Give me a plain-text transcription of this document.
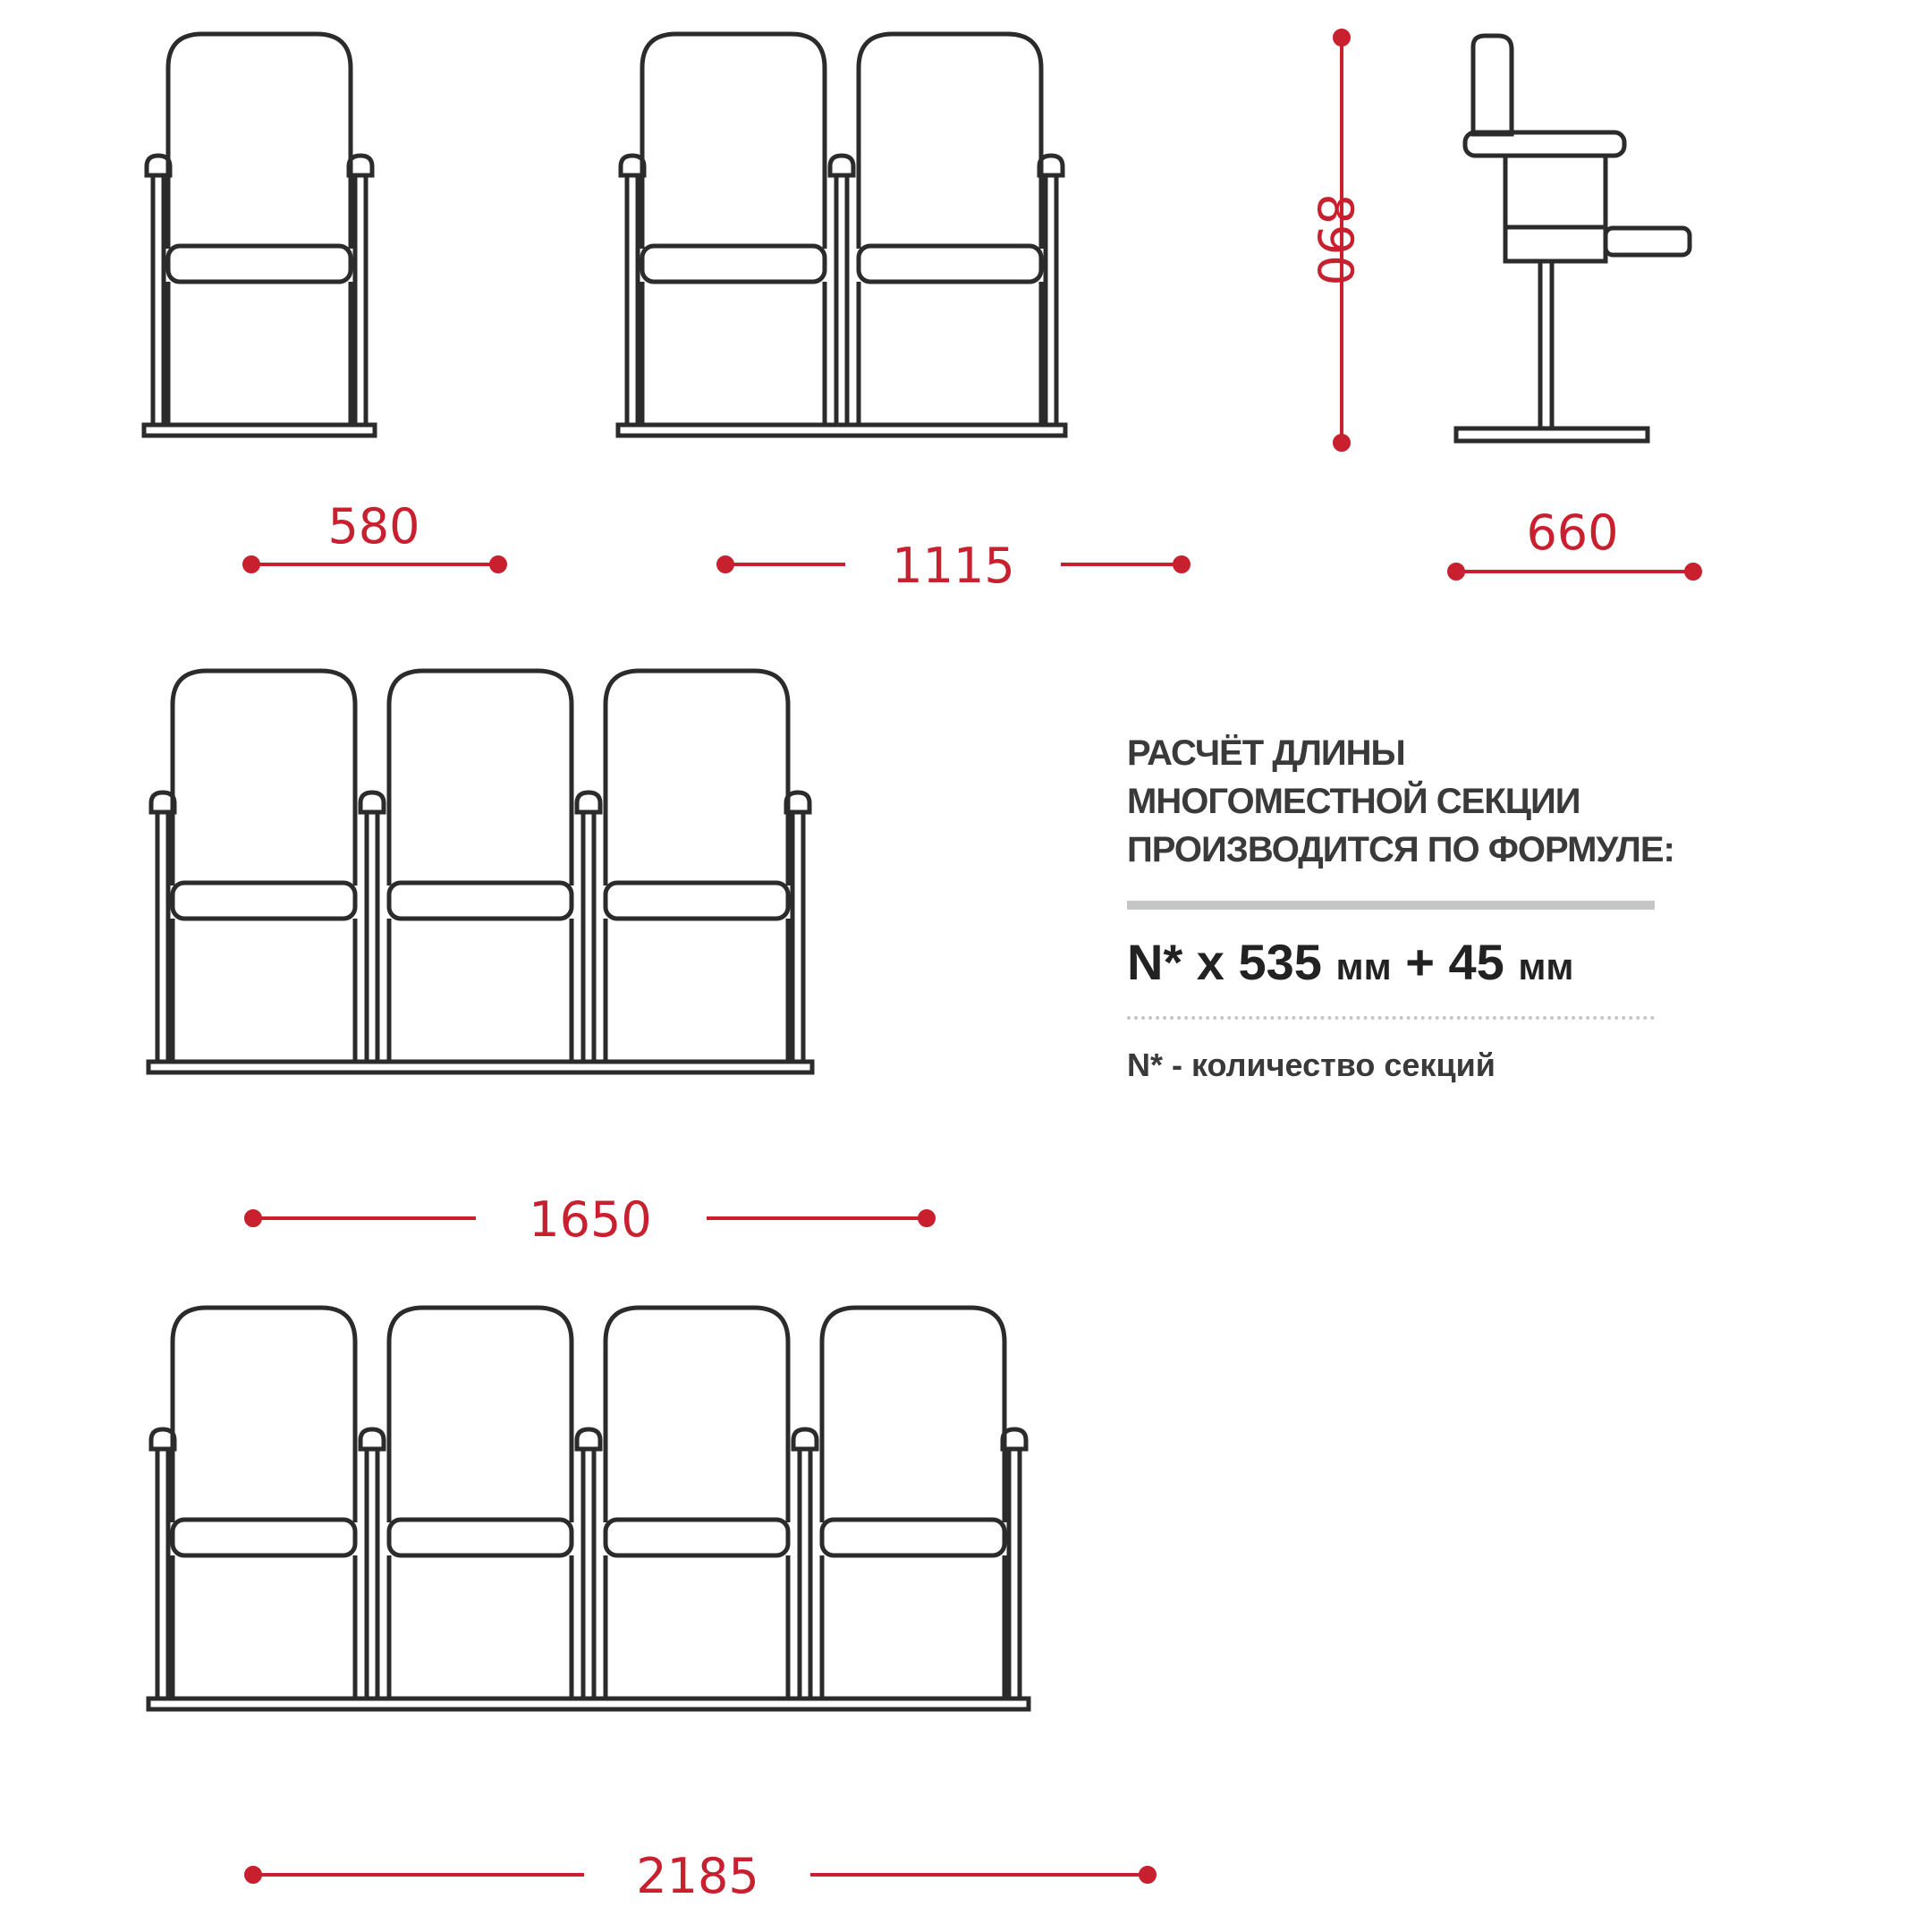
580
1115
660
890
1650
2185
РАСЧЁТ ДЛИНЫ
МНОГОМЕСТНОЙ СЕКЦИИ
ПРОИЗВОДИТСЯ ПО ФОРМУЛЕ:
N* x 535 мм + 45 мм
N* - количество секций
